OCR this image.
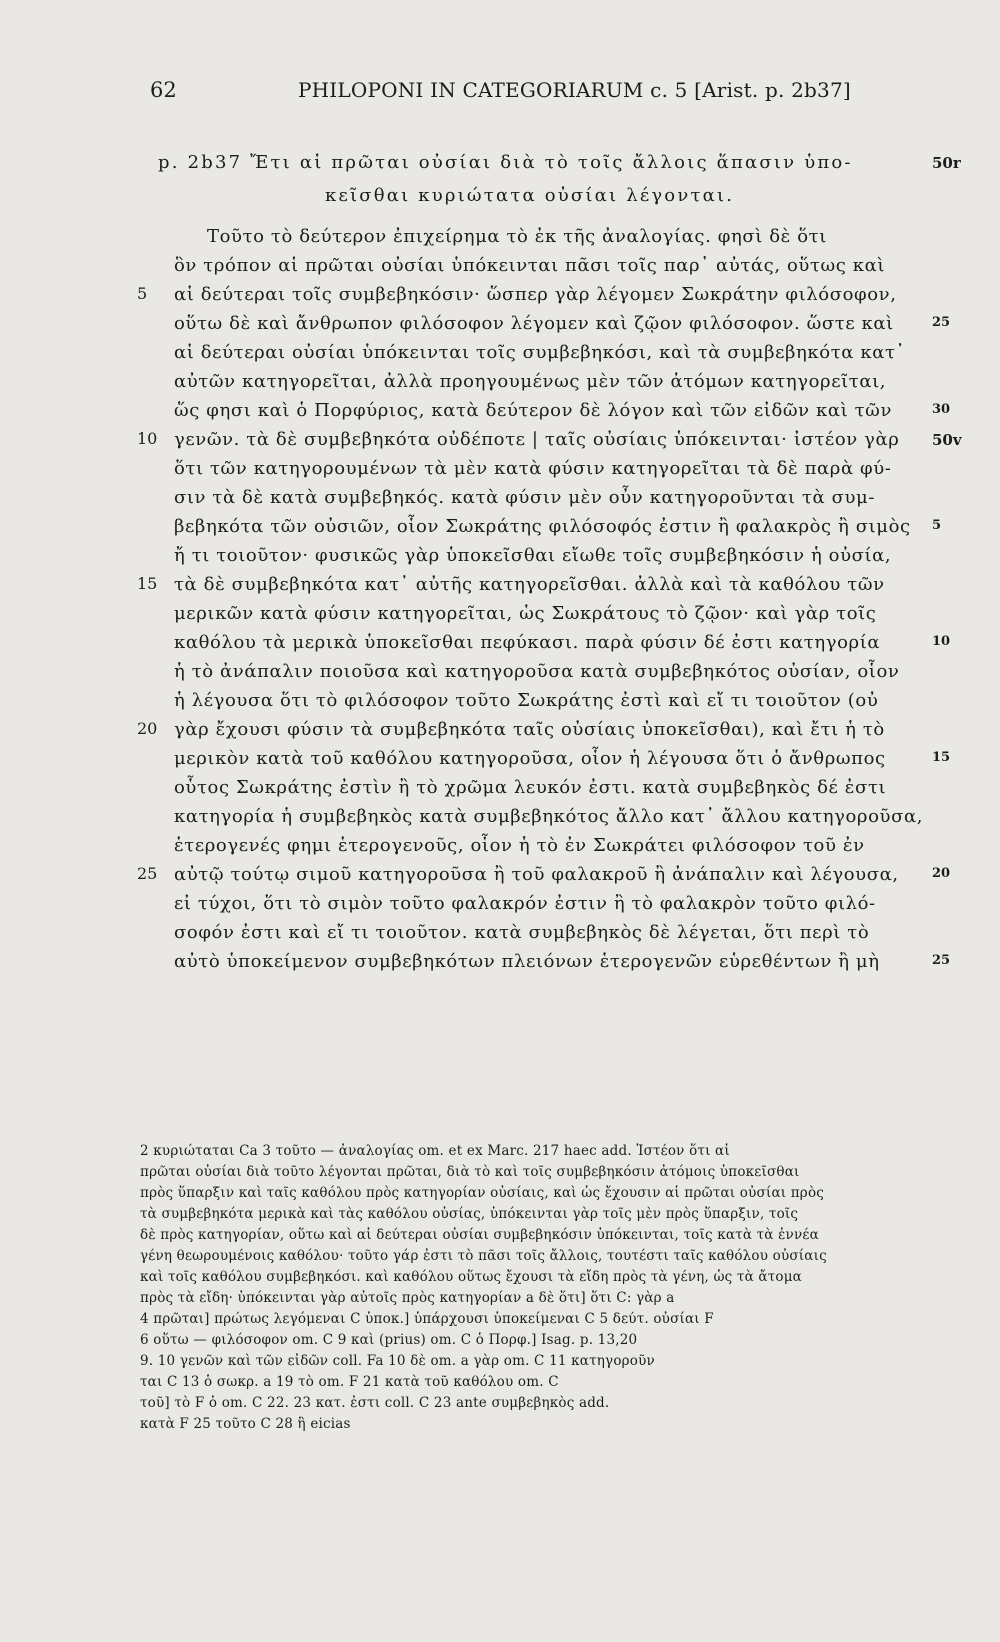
62	PHILOPONI IN CATEGORIARUM c. 5 [Arist. p. 2b37]
p. 2b37 Ἔτι αἱ πρῶται οὐσίαι διὰ τὸ τοῖς ἄλλοις ἅπασιν ὑπο-	50r
κεῖσθαι κυριώτατα οὐσίαι λέγονται.
Τοῦτο τὸ δεύτερον ἐπιχείρημα τὸ ἐκ τῆς ἀναλογίας. φησὶ δὲ ὅτι
ὃν τρόπον αἱ πρῶται οὐσίαι ὑπόκεινται πᾶσι τοῖς παρ᾽ αὐτάς, οὕτως καὶ
5	αἱ δεύτεραι τοῖς συμβεβηκόσιν· ὥσπερ γὰρ λέγομεν Σωκράτην φιλόσοφον,
οὕτω δὲ καὶ ἄνθρωπον φιλόσοφον λέγομεν καὶ ζῷον φιλόσοφον. ὥστε καὶ	25
αἱ δεύτεραι οὐσίαι ὑπόκεινται τοῖς συμβεβηκόσι, καὶ τὰ συμβεβηκότα κατ᾽
αὐτῶν κατηγορεῖται, ἀλλὰ προηγουμένως μὲν τῶν ἀτόμων κατηγορεῖται,
ὥς φησι καὶ ὁ Πορφύριος, κατὰ δεύτερον δὲ λόγον καὶ τῶν εἰδῶν καὶ τῶν	30
10 γενῶν. τὰ δὲ συμβεβηκότα οὐδέποτε | ταῖς οὐσίαις ὑπόκεινται· ἰστέον γὰρ 50v
ὅτι τῶν κατηγορουμένων τὰ μὲν κατὰ φύσιν κατηγορεῖται τὰ δὲ παρὰ φύ-
σιν τὰ δὲ κατὰ συμβεβηκός. κατὰ φύσιν μὲν οὖν κατηγοροῦνται τὰ συμ-
βεβηκότα τῶν οὐσιῶν, οἷον Σωκράτης φιλόσοφός ἐστιν ἢ φαλακρὸς ἢ σιμὸς 5
ἤ τι τοιοῦτον· φυσικῶς γὰρ ὑποκεῖσθαι εἴωθε τοῖς συμβεβηκόσιν ἡ οὐσία,
15 τὰ δὲ συμβεβηκότα κατ᾽ αὐτῆς κατηγορεῖσθαι. ἀλλὰ καὶ τὰ καθόλου τῶν
μερικῶν κατὰ φύσιν κατηγορεῖται, ὡς Σωκράτους τὸ ζῷον· καὶ γὰρ τοῖς
καθόλου τὰ μερικὰ ὑποκεῖσθαι πεφύκασι. παρὰ φύσιν δέ ἐστι κατηγορία	10
ἡ τὸ ἀνάπαλιν ποιοῦσα καὶ κατηγοροῦσα κατὰ συμβεβηκότος οὐσίαν, οἷον
ἡ λέγουσα ὅτι τὸ φιλόσοφον τοῦτο Σωκράτης ἐστὶ καὶ εἴ τι τοιοῦτον (οὐ
20 γὰρ ἔχουσι φύσιν τὰ συμβεβηκότα ταῖς οὐσίαις ὑποκεῖσθαι), καὶ ἔτι ἡ τὸ
μερικὸν κατὰ τοῦ καθόλου κατηγοροῦσα, οἷον ἡ λέγουσα ὅτι ὁ ἄνθρωπος	15
οὗτος Σωκράτης ἐστὶν ἢ τὸ χρῶμα λευκόν ἐστι. κατὰ συμβεβηκὸς δέ ἐστι
κατηγορία ἡ συμβεβηκὸς κατὰ συμβεβηκότος ἄλλο κατ᾽ ἄλλου κατηγοροῦσα,
ἑτερογενές φημι ἑτερογενοῦς, οἷον ἡ τὸ ἐν Σωκράτει φιλόσοφον τοῦ ἐν
25 αὐτῷ τούτῳ σιμοῦ κατηγοροῦσα ἢ τοῦ φαλακροῦ ἢ ἀνάπαλιν καὶ λέγουσα,	20
εἰ τύχοι, ὅτι τὸ σιμὸν τοῦτο φαλακρόν ἐστιν ἢ τὸ φαλακρὸν τοῦτο φιλό-
σοφόν ἐστι καὶ εἴ τι τοιοῦτον. κατὰ συμβεβηκὸς δὲ λέγεται, ὅτι περὶ τὸ
αὐτὸ ὑποκείμενον συμβεβηκότων πλειόνων ἑτερογενῶν εὑρεθέντων ἢ μὴ	25
2 κυριώταται Ca 3 τοῦτο — ἀναλογίας om. et ex Marc. 217 haec add. Ἰστέον ὅτι αἱ
πρῶται οὐσίαι διὰ τοῦτο λέγονται πρῶται, διὰ τὸ καὶ τοῖς συμβεβηκόσιν ἀτόμοις ὑποκεῖσθαι
πρὸς ὕπαρξιν καὶ ταῖς καθόλου πρὸς κατηγορίαν οὐσίαις, καὶ ὡς ἔχουσιν αἱ πρῶται οὐσίαι πρὸς
τὰ συμβεβηκότα μερικὰ καὶ τὰς καθόλου οὐσίας, ὑπόκεινται γὰρ τοῖς μὲν πρὸς ὕπαρξιν, τοῖς
δὲ πρὸς κατηγορίαν, οὕτω καὶ αἱ δεύτεραι οὐσίαι συμβεβηκόσιν ὑπόκεινται, τοῖς κατὰ τὰ ἐννέα
γένη θεωρουμένοις καθόλου· τοῦτο γάρ ἐστι τὸ πᾶσι τοῖς ἄλλοις, τουτέστι ταῖς καθόλου οὐσίαις
καὶ τοῖς καθόλου συμβεβηκόσι. καὶ καθόλου οὕτως ἔχουσι τὰ εἴδη πρὸς τὰ γένη, ὡς τὰ ἄτομα
πρὸς τὰ εἴδη· ὑπόκεινται γὰρ αὐτοῖς πρὸς κατηγορίαν a δὲ ὅτι] ὅτι C: γὰρ a
4 πρῶται] πρώτως λεγόμεναι C ὑποκ.] ὑπάρχουσι ὑποκείμεναι C 5 δεύτ. οὐσίαι F
6 οὕτω — φιλόσοφον om. C 9 καὶ (prius) om. C ὁ Πορφ.] Isag. p. 13,20
9. 10 γενῶν καὶ τῶν εἰδῶν coll. Fa 10 δὲ om. a γὰρ om. C 11 κατηγοροῦν
ται C 13 ὁ σωκρ. a 19 τὸ om. F 21 κατὰ τοῦ καθόλου om. C
τοῦ] τὸ F ὁ om. C 22. 23 κατ. ἐστι coll. C 23 ante συμβεβηκὸς add.
κατὰ F 25 τοῦτο C 28 ἢ eicias
